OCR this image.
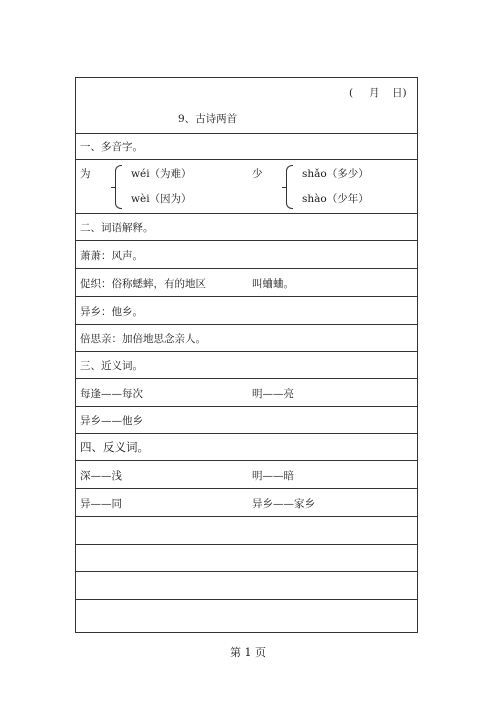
( 月 日)
9、古诗两首
一、多音字。
为	wéi（为难）
wèi（因为）
少	shǎo（多少）
shào（少年）
二、词语解释。
萧萧：风声。
促织：俗称蟋蟀，有的地区	叫蛐蛐。
异乡：他乡。
倍思亲：加倍地思念亲人。
三、近义词。
每逢——每次	明——亮
异乡——他乡
四、反义词。
深——浅	明——暗
异——同	异乡——家乡
第 1 页
